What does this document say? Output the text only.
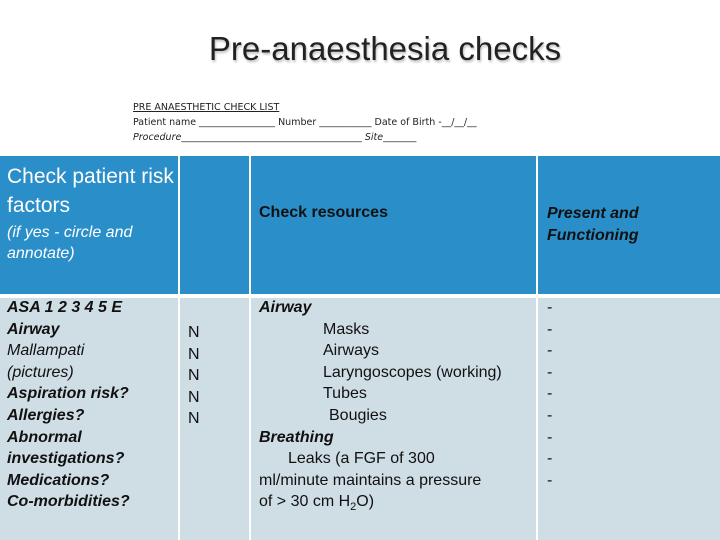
Pre-anaesthesia checks
PRE ANAESTHETIC CHECK LIST
Patient name ________________ Number ___________ Date of Birth -__/__/__
Procedure______________________________________ Site_______
Check patient risk factors
(if yes - circle and annotate)
Check resources	Present and Functioning
ASA 1 2 3 4 5 E
Airway
Mallampati
(pictures)
Aspiration risk?
Allergies?
Abnormal
investigations?
Medications?
Co-morbidities?
N
N
N
N
N
Airway
Masks
Airways
Laryngoscopes (working)
Tubes
Bougies
Breathing
Leaks (a FGF of 300
ml/minute maintains a pressure
of > 30 cm $H_2O$)
-
-
-
-
-
-
-
-
-
